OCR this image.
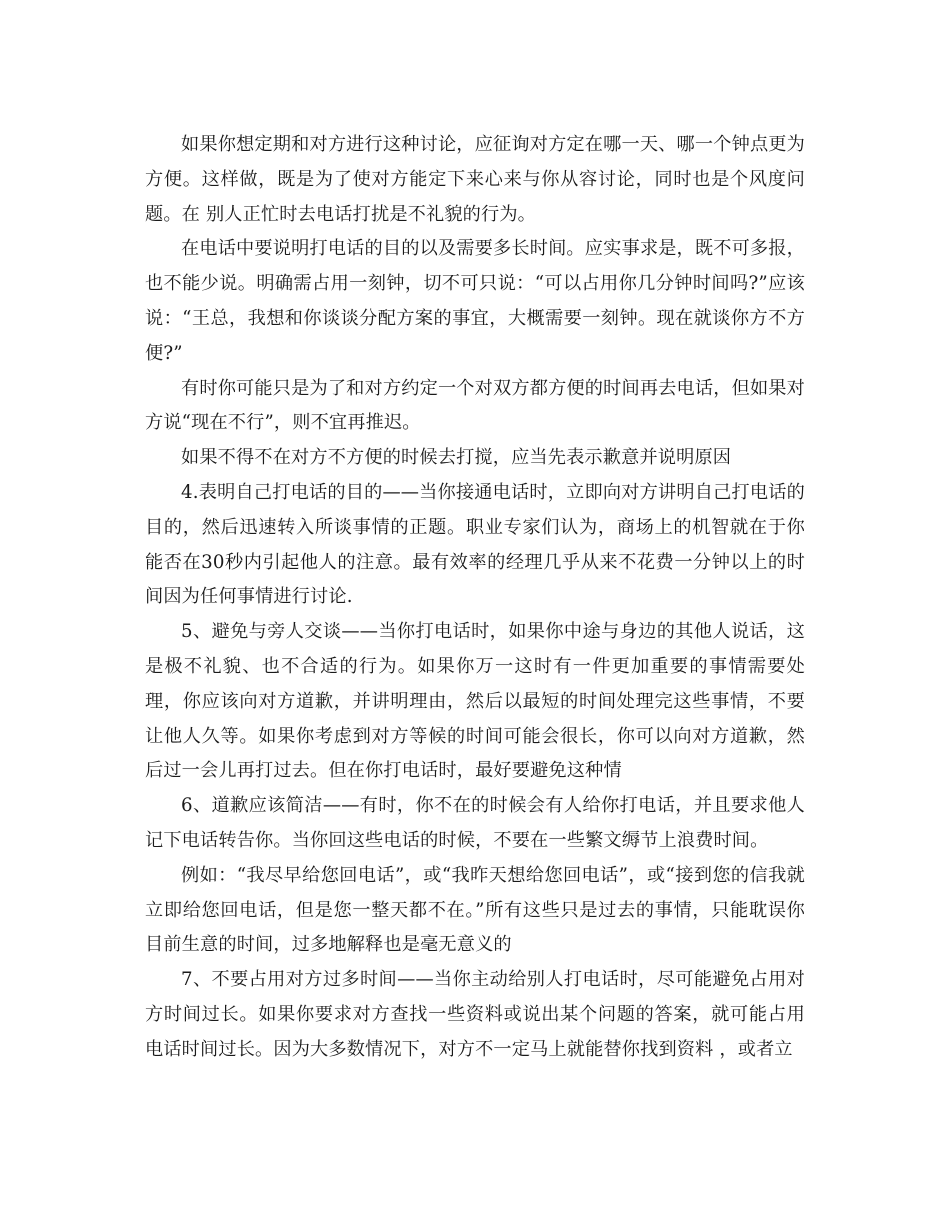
如果你想定期和对方进行这种讨论，应征询对方定在哪一天、哪一个钟点更为方便。这样做，既是为了使对方能定下来心来与你从容讨论，同时也是个风度问题。在 别人正忙时去电话打扰是不礼貌的行为。

在电话中要说明打电话的目的以及需要多长时间。应实事求是，既不可多报，也不能少说。明确需占用一刻钟，切不可只说：“可以占用你几分钟时间吗?”应该说：“王总，我想和你谈谈分配方案的事宜，大概需要一刻钟。现在就谈你方不方便?”

有时你可能只是为了和对方约定一个对双方都方便的时间再去电话，但如果对方说“现在不行”，则不宜再推迟。

如果不得不在对方不方便的时候去打搅，应当先表示歉意并说明原因

4.表明自己打电话的目的——当你接通电话时，立即向对方讲明自己打电话的目的，然后迅速转入所谈事情的正题。职业专家们认为，商场上的机智就在于你能否在30秒内引起他人的注意。最有效率的经理几乎从来不花费一分钟以上的时间因为任何事情进行讨论.

5、避免与旁人交谈——当你打电话时，如果你中途与身边的其他人说话，这是极不礼貌、也不合适的行为。如果你万一这时有一件更加重要的事情需要处理，你应该向对方道歉，并讲明理由，然后以最短的时间处理完这些事情，不要让他人久等。如果你考虑到对方等候的时间可能会很长，你可以向对方道歉，然后过一会儿再打过去。但在你打电话时，最好要避免这种情

6、道歉应该简洁——有时，你不在的时候会有人给你打电话，并且要求他人记下电话转告你。当你回这些电话的时候，不要在一些繁文缛节上浪费时间。

例如：“我尽早给您回电话”，或“我昨天想给您回电话”，或“接到您的信我就立即给您回电话，但是您一整天都不在。”所有这些只是过去的事情，只能耽误你目前生意的时间，过多地解释也是毫无意义的

7、不要占用对方过多时间——当你主动给别人打电话时，尽可能避免占用对方时间过长。如果你要求对方查找一些资料或说出某个问题的答案，就可能占用电话时间过长。因为大多数情况下，对方不一定马上就能替你找到资料 ，或者立
